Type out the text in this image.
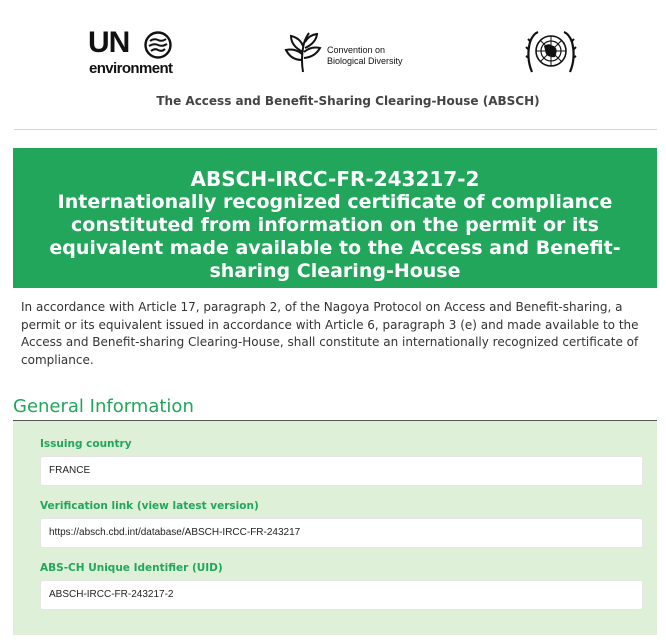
UN
environment
Convention on
Biological Diversity
The Access and Benefit-Sharing Clearing-House (ABSCH)
ABSCH-IRCC-FR-243217-2
Internationally recognized certificate of compliance constituted from information on the permit or its equivalent made available to the Access and Benefit-sharing Clearing-House
In accordance with Article 17, paragraph 2, of the Nagoya Protocol on Access and Benefit-sharing, a permit or its equivalent issued in accordance with Article 6, paragraph 3 (e) and made available to the Access and Benefit-sharing Clearing-House, shall constitute an internationally recognized certificate of compliance.
General Information
Issuing country
FRANCE
Verification link (view latest version)
https://absch.cbd.int/database/ABSCH-IRCC-FR-243217
ABS-CH Unique Identifier (UID)
ABSCH-IRCC-FR-243217-2
